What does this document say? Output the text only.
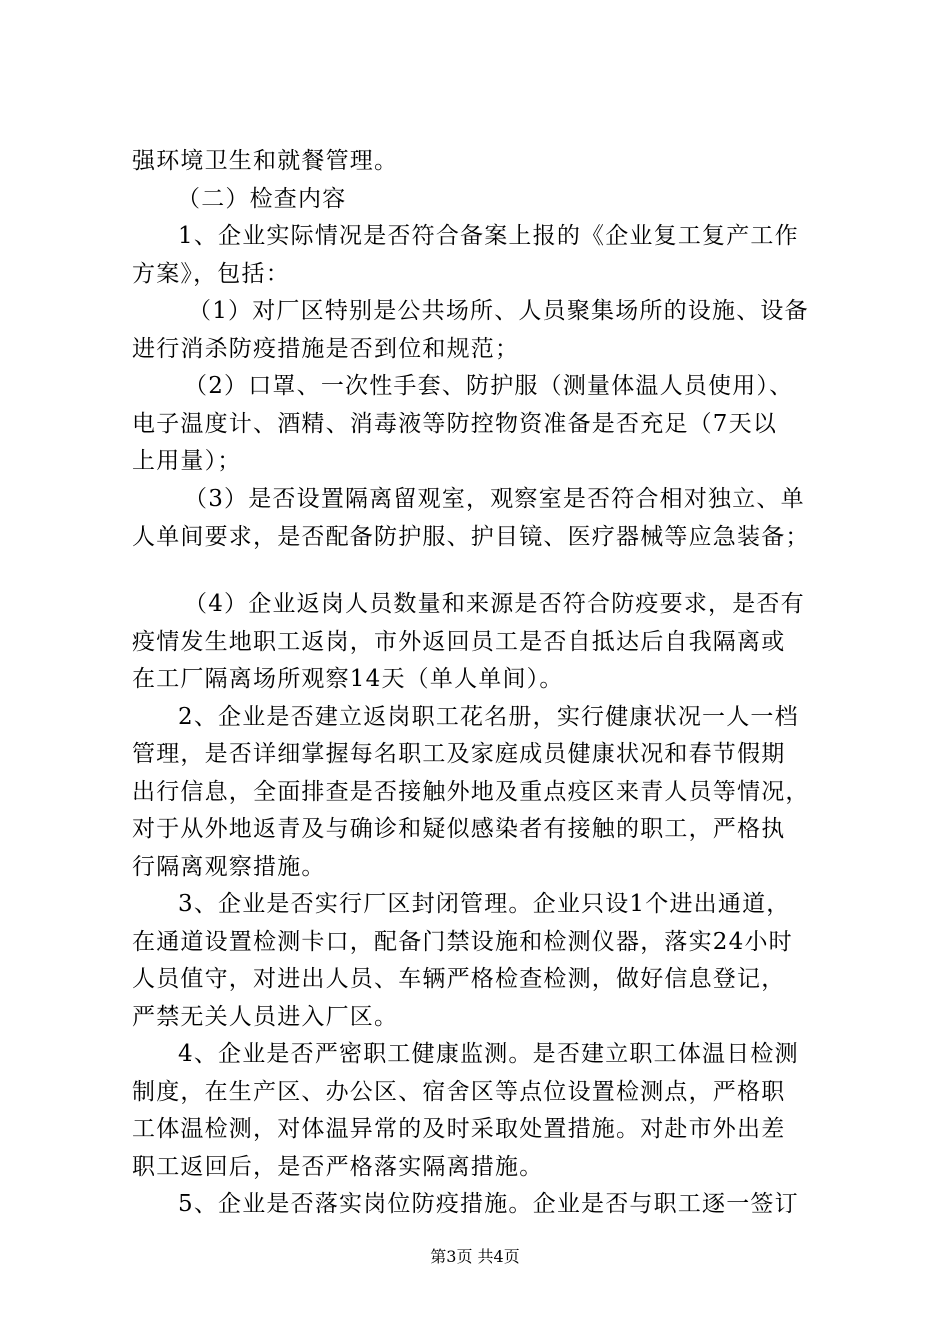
强环境卫生和就餐管理。
（二）检查内容
1、企业实际情况是否符合备案上报的《企业复工复产工作
方案》，包括：
（1）对厂区特别是公共场所、人员聚集场所的设施、设备
进行消杀防疫措施是否到位和规范；
（2）口罩、一次性手套、防护服（测量体温人员使用）、
电子温度计、酒精、消毒液等防控物资准备是否充足（7天以
上用量）；
（3）是否设置隔离留观室，观察室是否符合相对独立、单
人单间要求，是否配备防护服、护目镜、医疗器械等应急装备；
（4）企业返岗人员数量和来源是否符合防疫要求，是否有
疫情发生地职工返岗，市外返回员工是否自抵达后自我隔离或
在工厂隔离场所观察14天（单人单间）。
2、企业是否建立返岗职工花名册，实行健康状况一人一档
管理，是否详细掌握每名职工及家庭成员健康状况和春节假期
出行信息，全面排查是否接触外地及重点疫区来青人员等情况，
对于从外地返青及与确诊和疑似感染者有接触的职工，严格执
行隔离观察措施。
3、企业是否实行厂区封闭管理。企业只设1个进出通道，
在通道设置检测卡口，配备门禁设施和检测仪器，落实24小时
人员值守，对进出人员、车辆严格检查检测，做好信息登记，
严禁无关人员进入厂区。
4、企业是否严密职工健康监测。是否建立职工体温日检测
制度，在生产区、办公区、宿舍区等点位设置检测点，严格职
工体温检测，对体温异常的及时采取处置措施。对赴市外出差
职工返回后，是否严格落实隔离措施。
5、企业是否落实岗位防疫措施。企业是否与职工逐一签订
第3页 共4页
